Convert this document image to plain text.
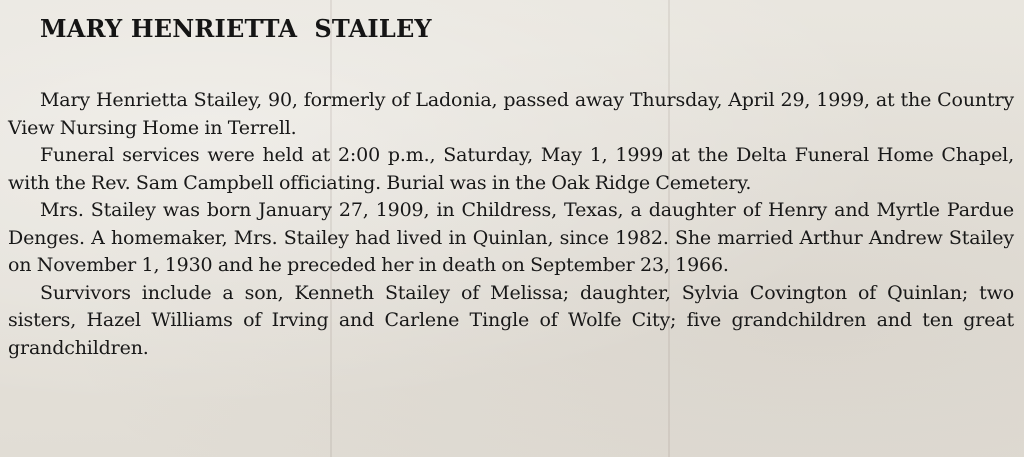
MARY HENRIETTA  STAILEY

Mary Henrietta Stailey, 90, formerly of Ladonia, passed away Thursday, April 29, 1999, at the Country View Nursing Home in Terrell.

Funeral services were held at 2:00 p.m., Saturday, May 1, 1999 at the Delta Funeral Home Chapel, with the Rev. Sam Campbell officiating. Burial was in the Oak Ridge Cemetery.

Mrs. Stailey was born January 27, 1909, in Childress, Texas, a daughter of Henry and Myrtle Pardue Denges. A homemaker, Mrs. Stailey had lived in Quinlan, since 1982. She married Arthur Andrew Stailey on November 1, 1930 and he preceded her in death on September 23, 1966.

Survivors include a son, Kenneth Stailey of Melissa; daughter, Sylvia Covington of Quinlan; two sisters, Hazel Williams of Irving and Carlene Tingle of Wolfe City; five grandchildren and ten great grandchildren.
